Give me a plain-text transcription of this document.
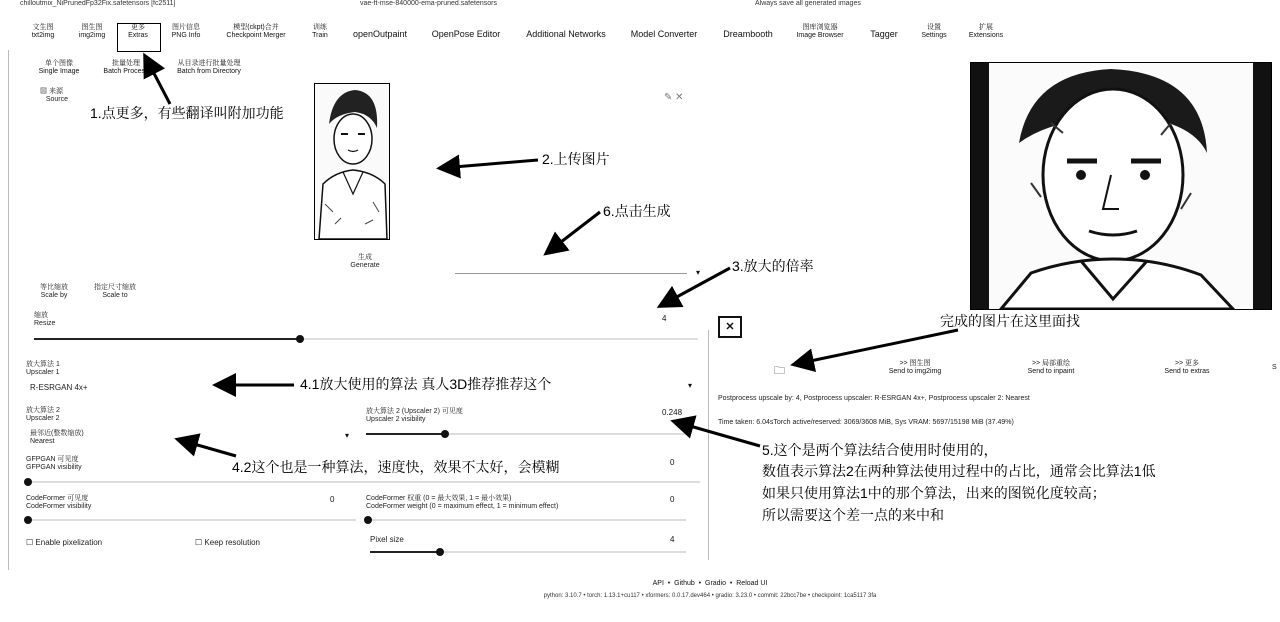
chilloutmix_NiPrunedFp32Fix.safetensors [fc2511]	vae-ft-mse-840000-ema-pruned.safetensors	Always save all generated images
文生图
txt2img
图生图
img2img
更多
Extras
图片信息
PNG Info
模型(ckpt)合并
Checkpoint Merger
训练
Train	openOutpaint	OpenPose Editor	Additional Networks	Model Converter	Dreambooth
图库浏览器
Image Browser	Tagger
设置
Settings
扩展
Extensions
单个图像
Single Image
批量处理
Batch Process
从目录进行批量处理
Batch from Directory
▧ 来源
Source	✎ ✕
生成
Generate
▾
等比缩放
Scale by
指定尺寸缩放
Scale to
缩放
Resize
4
放大算法 1
Upscaler 1
R-ESRGAN 4x+	▾
放大算法 2
Upscaler 2
最邻近(整数缩放)
Nearest
▾
放大算法 2 (Upscaler 2) 可见度
Upscaler 2 visibility
0.248
GFPGAN 可见度
GFPGAN visibility
0
CodeFormer 可见度
CodeFormer visibility
0	CodeFormer 权重 (0 = 最大效果, 1 = 最小效果)
CodeFormer weight (0 = maximum effect, 1 = minimum effect)
0
☐ Enable pixelization	☐ Keep resolution	Pixel size	4
✕
🗀
>> 图生图
Send to img2img
>> 局部重绘
Send to inpaint
>> 更多
Send to extras
S
Postprocess upscale by: 4, Postprocess upscaler: R-ESRGAN 4x+, Postprocess upscaler 2: Nearest
Time taken: 6.04sTorch active/reserved: 3069/3608 MiB, Sys VRAM: 5697/15198 MiB (37.49%)
API  •  Github  •  Gradio  •  Reload UI
python: 3.10.7 • torch: 1.13.1+cu117 • xformers: 0.0.17.dev464 • gradio: 3.23.0 • commit: 22bcc7be • checkpoint: 1ca5117 3fa
1.点更多，有些翻译叫附加功能
2.上传图片
6.点击生成
3.放大的倍率
完成的图片在这里面找
4.1放大使用的算法 真人3D推荐推荐这个
4.2这个也是一种算法，速度快，效果不太好，会模糊
5.这个是两个算法结合使用时使用的，
数值表示算法2在两种算法使用过程中的占比，通常会比算法1低
如果只使用算法1中的那个算法，出来的图锐化度较高；
所以需要这个差一点的来中和
